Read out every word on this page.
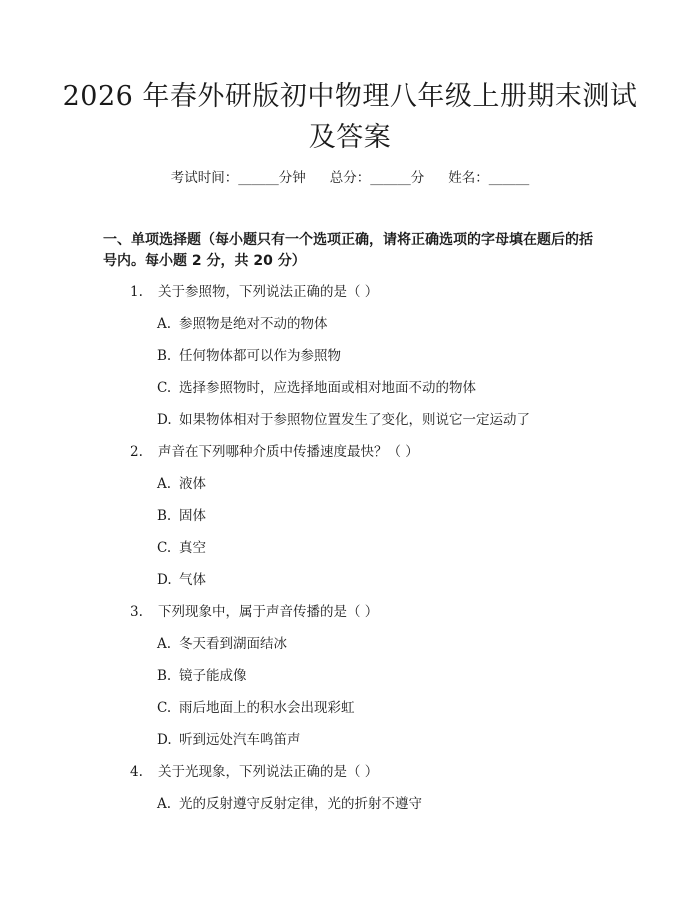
2026 年春外研版初中物理八年级上册期末测试及答案
考试时间：______分钟 总分：______分 姓名：______

一、单项选择题（每小题只有一个选项正确，请将正确选项的字母填在题后的括号内。每小题 2 分，共 20 分）

1. 关于参照物，下列说法正确的是（ ）
A. 参照物是绝对不动的物体
B. 任何物体都可以作为参照物
C. 选择参照物时，应选择地面或相对地面不动的物体
D. 如果物体相对于参照物位置发生了变化，则说它一定运动了
2. 声音在下列哪种介质中传播速度最快？（ ）
A. 液体
B. 固体
C. 真空
D. 气体
3. 下列现象中，属于声音传播的是（ ）
A. 冬天看到湖面结冰
B. 镜子能成像
C. 雨后地面上的积水会出现彩虹
D. 听到远处汽车鸣笛声
4. 关于光现象，下列说法正确的是（ ）
A. 光的反射遵守反射定律，光的折射不遵守
